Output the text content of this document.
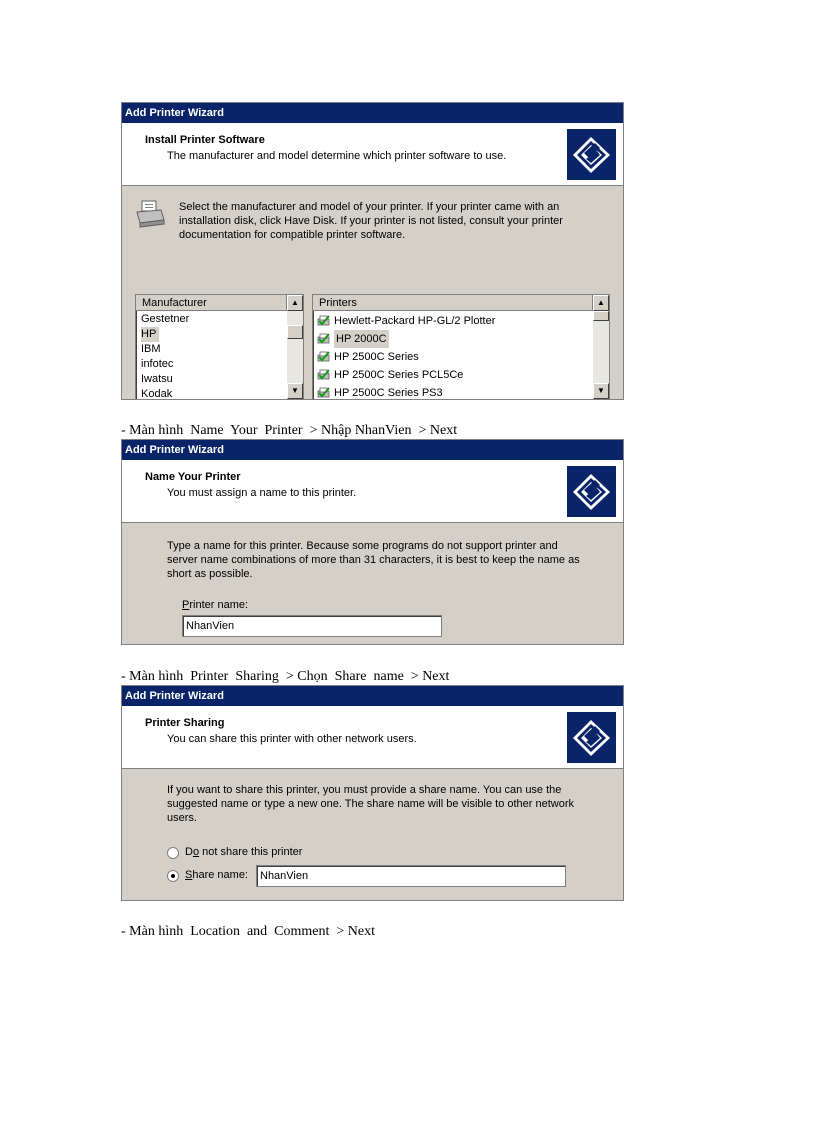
Add Printer Wizard
Install Printer Software
The manufacturer and model determine which printer software to use.
Select the manufacturer and model of your printer. If your printer came with an installation disk, click Have Disk. If your printer is not listed, consult your printer documentation for compatible printer software.
Manufacturer
Gestetner
HP
IBM
infotec
Iwatsu
Kodak
▲
▼
Printers
Hewlett-Packard HP-GL/2 Plotter
HP 2000C
HP 2500C Series
HP 2500C Series PCL5Ce
HP 2500C Series PS3
▲
▼
- Màn hình  Name  Your  Printer  > Nhập NhanVien  > Next
Add Printer Wizard
Name Your Printer
You must assign a name to this printer.
Type a name for this printer. Because some programs do not support printer and server name combinations of more than 31 characters, it is best to keep the name as short as possible.
Printer name:
NhanVien
- Màn hình  Printer  Sharing  > Chọn  Share  name  > Next
Add Printer Wizard
Printer Sharing
You can share this printer with other network users.
If you want to share this printer, you must provide a share name. You can use the suggested name or type a new one. The share name will be visible to other network users.
Do not share this printer
Share name:	NhanVien
- Màn hình  Location  and  Comment  > Next
